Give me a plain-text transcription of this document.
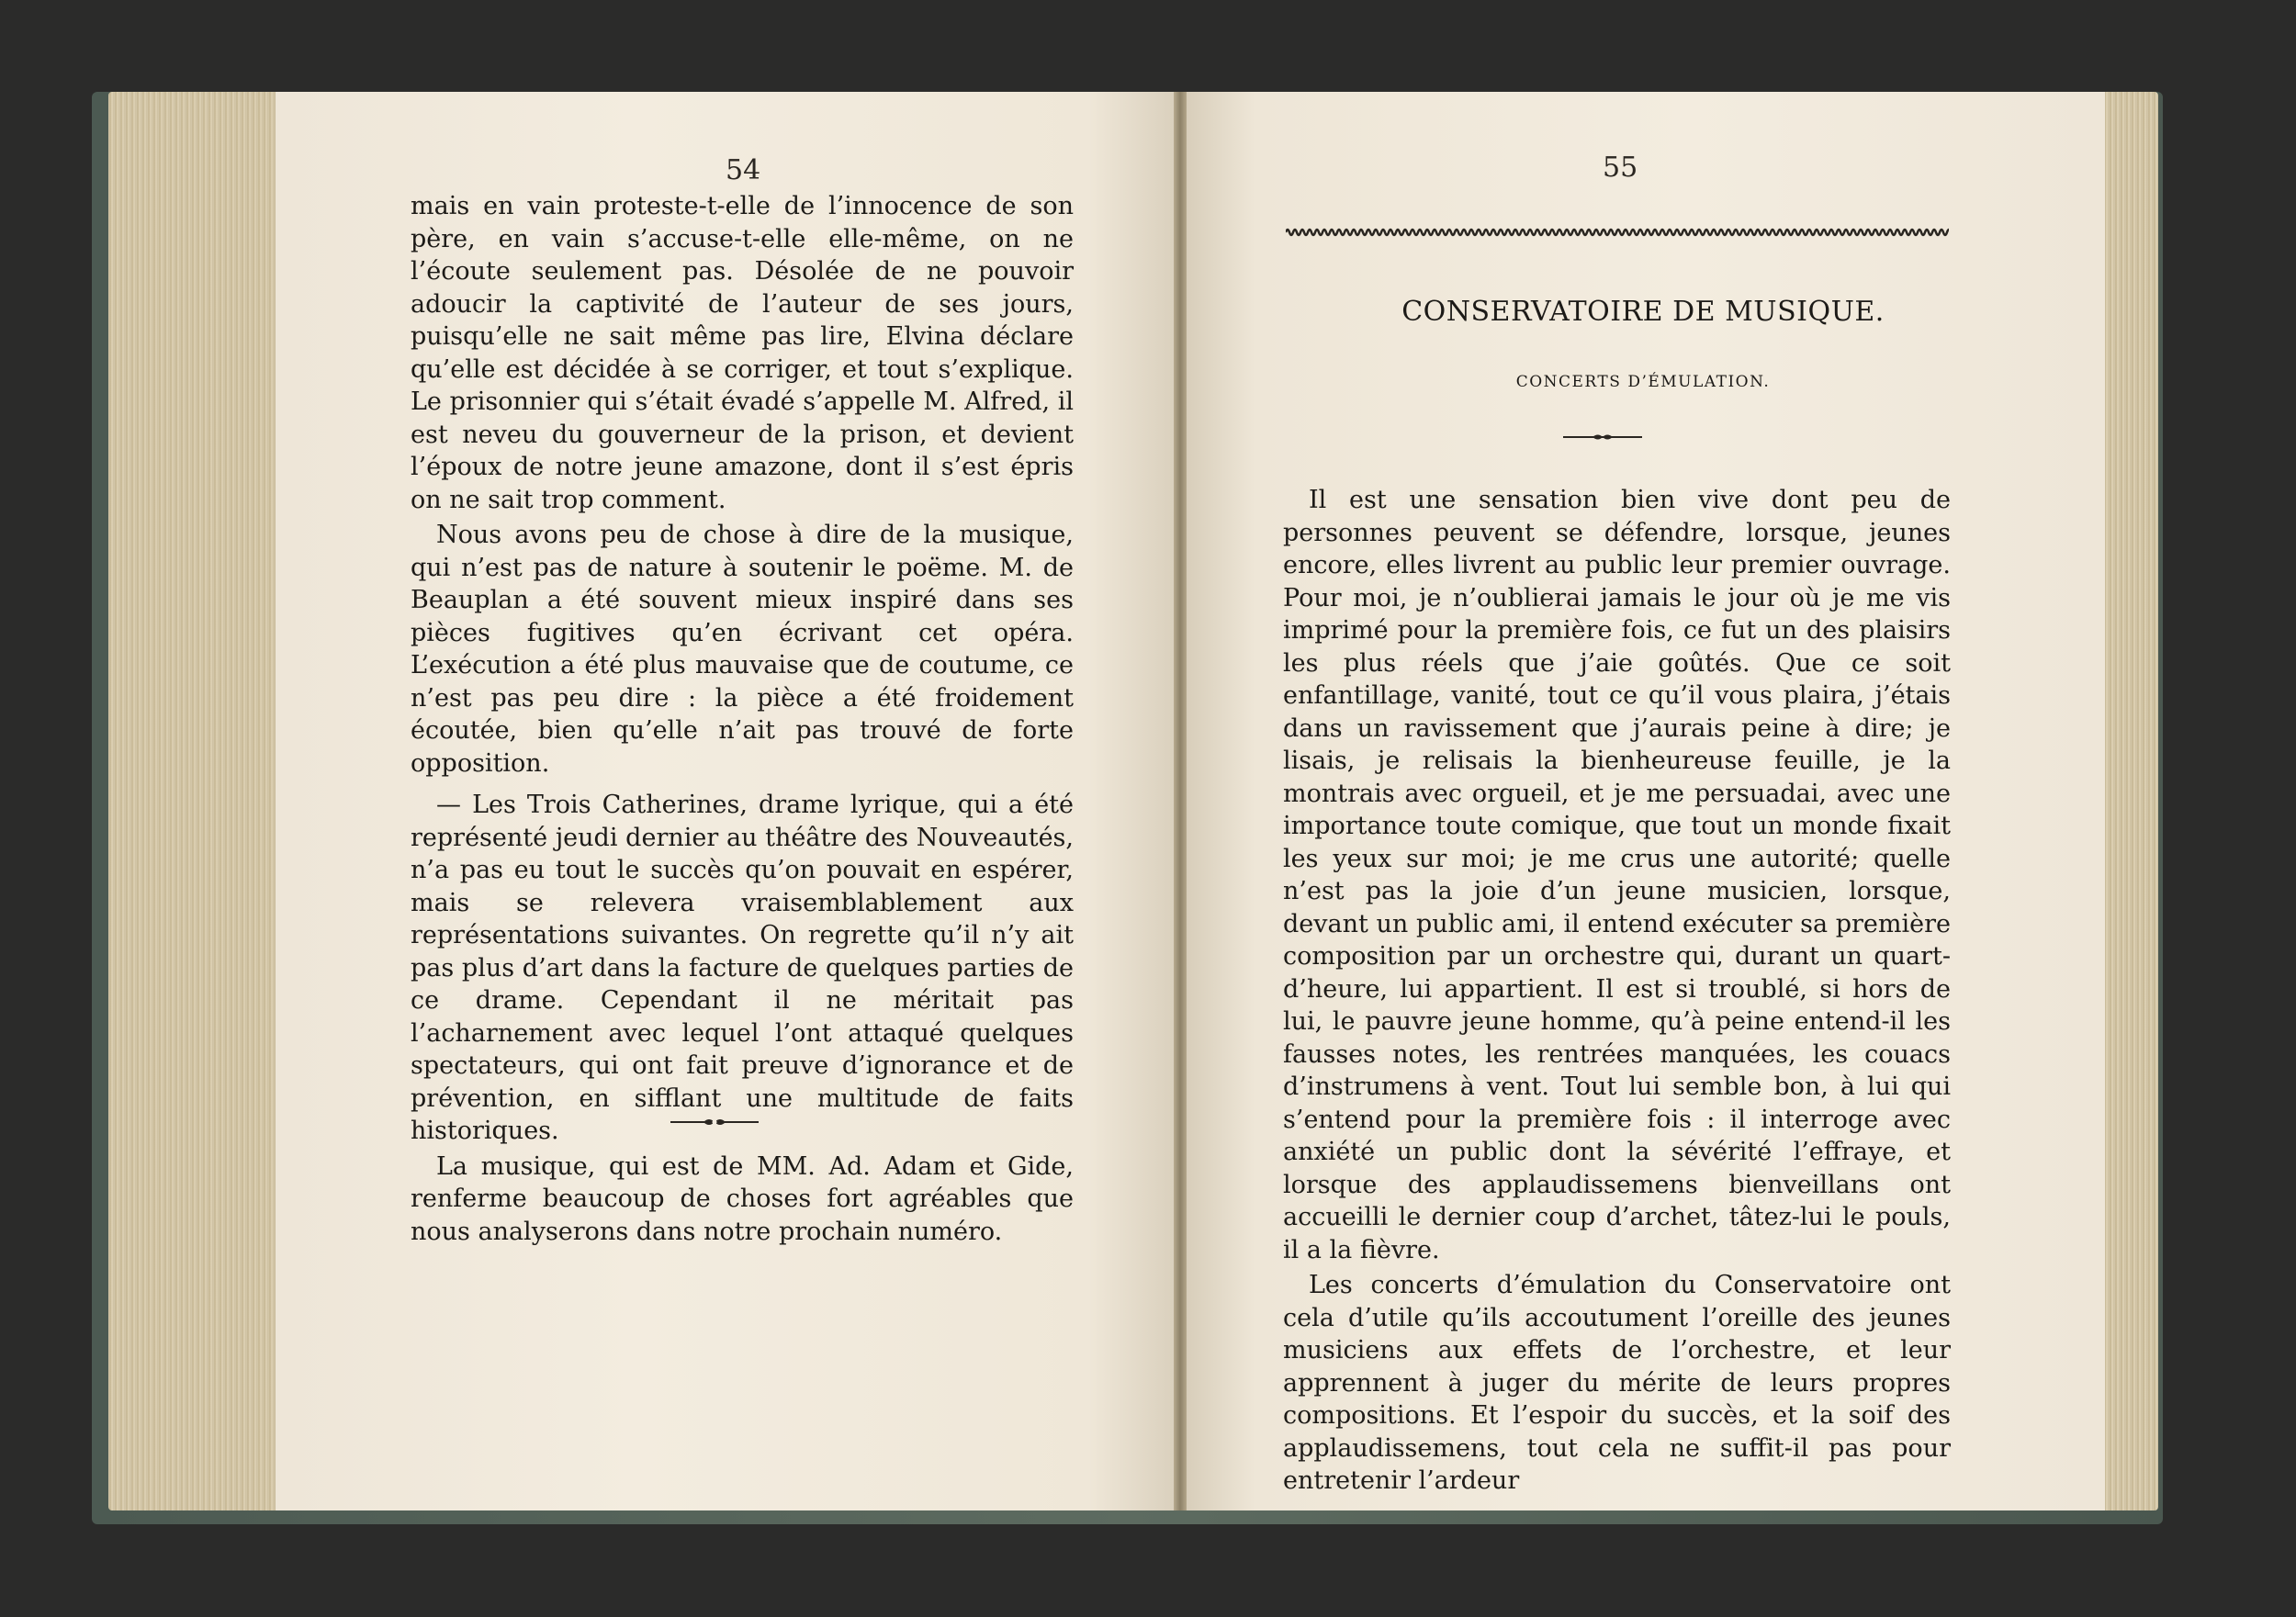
54

mais en vain proteste-t-elle de l’innocence de son père, en vain s’accuse-t-elle elle-même, on ne l’écoute seulement pas. Désolée de ne pouvoir adoucir la captivité de l’auteur de ses jours, puisqu’elle ne sait même pas lire, Elvina déclare qu’elle est décidée à se corriger, et tout s’explique. Le prisonnier qui s’était évadé s’appelle M. Alfred, il est neveu du gouverneur de la prison, et devient l’époux de notre jeune amazone, dont il s’est épris on ne sait trop comment.

Nous avons peu de chose à dire de la musique, qui n’est pas de nature à soutenir le poëme. M. de Beauplan a été souvent mieux inspiré dans ses pièces fugitives qu’en écrivant cet opéra. L’exécution a été plus mauvaise que de coutume, ce n’est pas peu dire : la pièce a été froidement écoutée, bien qu’elle n’ait pas trouvé de forte opposition.

— Les Trois Catherines, drame lyrique, qui a été représenté jeudi dernier au théâtre des Nouveautés, n’a pas eu tout le succès qu’on pouvait en espérer, mais se relevera vraisemblablement aux représentations suivantes. On regrette qu’il n’y ait pas plus d’art dans la facture de quelques parties de ce drame. Cependant il ne méritait pas l’acharnement avec lequel l’ont attaqué quelques spectateurs, qui ont fait preuve d’ignorance et de prévention, en sifflant une multitude de faits historiques.

La musique, qui est de MM. Ad. Adam et Gide, renferme beaucoup de choses fort agréables que nous analyserons dans notre prochain numéro.

55
CONSERVATOIRE DE MUSIQUE.
CONCERTS D’ÉMULATION.

Il est une sensation bien vive dont peu de personnes peuvent se défendre, lorsque, jeunes encore, elles livrent au public leur premier ouvrage. Pour moi, je n’oublierai jamais le jour où je me vis imprimé pour la première fois, ce fut un des plaisirs les plus réels que j’aie goûtés. Que ce soit enfantillage, vanité, tout ce qu’il vous plaira, j’étais dans un ravissement que j’aurais peine à dire; je lisais, je relisais la bienheureuse feuille, je la montrais avec orgueil, et je me persuadai, avec une importance toute comique, que tout un monde fixait les yeux sur moi; je me crus une autorité; quelle n’est pas la joie d’un jeune musicien, lorsque, devant un public ami, il entend exécuter sa première composition par un orchestre qui, durant un quart-d’heure, lui appartient. Il est si troublé, si hors de lui, le pauvre jeune homme, qu’à peine entend-il les fausses notes, les rentrées manquées, les couacs d’instrumens à vent. Tout lui semble bon, à lui qui s’entend pour la première fois : il interroge avec anxiété un public dont la sévérité l’effraye, et lorsque des applaudissemens bienveillans ont accueilli le dernier coup d’archet, tâtez-lui le pouls, il a la fièvre.

Les concerts d’émulation du Conservatoire ont cela d’utile qu’ils accoutument l’oreille des jeunes musiciens aux effets de l’orchestre, et leur apprennent à juger du mérite de leurs propres compositions. Et l’espoir du succès, et la soif des applaudissemens, tout cela ne suffit-il pas pour entretenir l’ardeur
